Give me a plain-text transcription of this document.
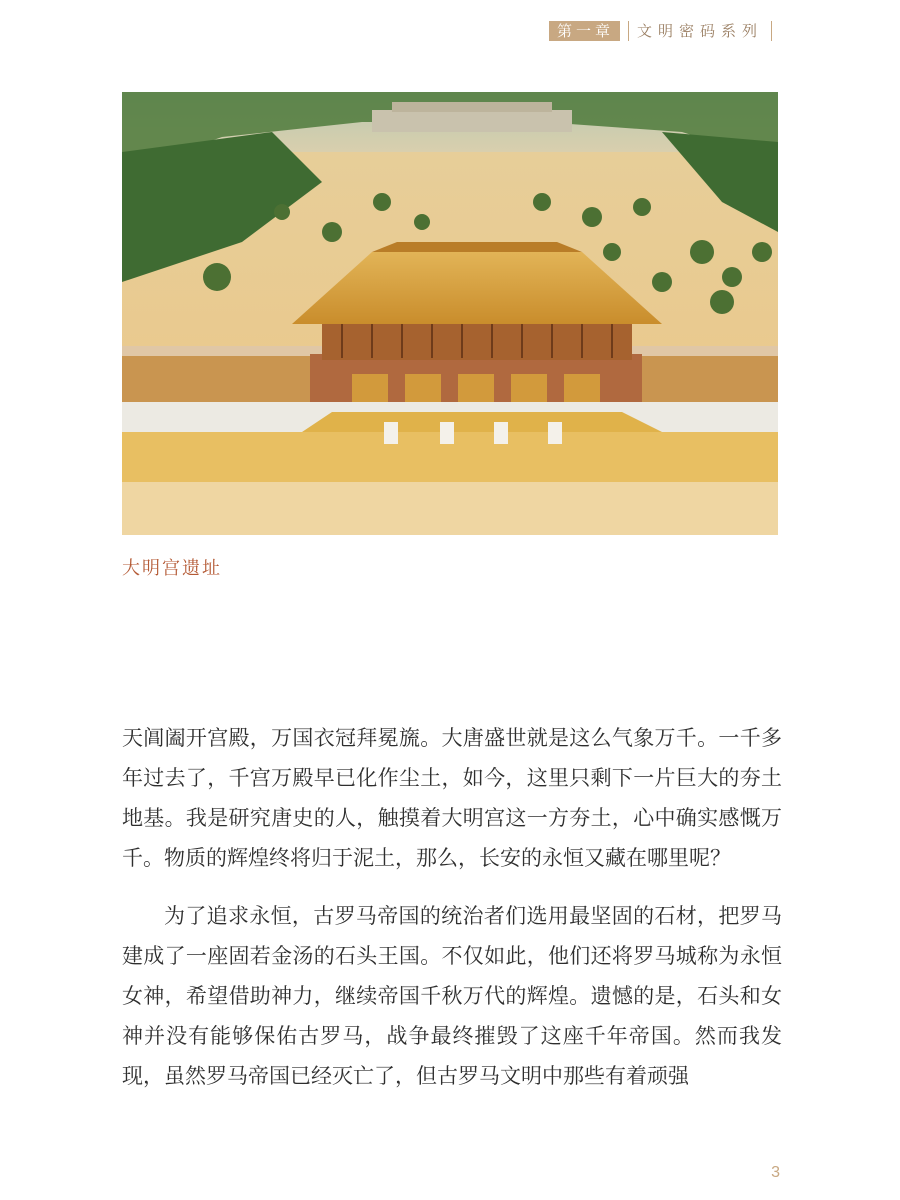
第一章	文明密码系列
大明宫遗址

天阊阖开宫殿，万国衣冠拜冕旒。大唐盛世就是这么气象万千。一千多年过去了，千宫万殿早已化作尘土，如今，这里只剩下一片巨大的夯土地基。我是研究唐史的人，触摸着大明宫这一方夯土，心中确实感慨万千。物质的辉煌终将归于泥土，那么，长安的永恒又藏在哪里呢？

为了追求永恒，古罗马帝国的统治者们选用最坚固的石材，把罗马建成了一座固若金汤的石头王国。不仅如此，他们还将罗马城称为永恒女神，希望借助神力，继续帝国千秋万代的辉煌。遗憾的是，石头和女神并没有能够保佑古罗马，战争最终摧毁了这座千年帝国。然而我发现，虽然罗马帝国已经灭亡了，但古罗马文明中那些有着顽强

3
